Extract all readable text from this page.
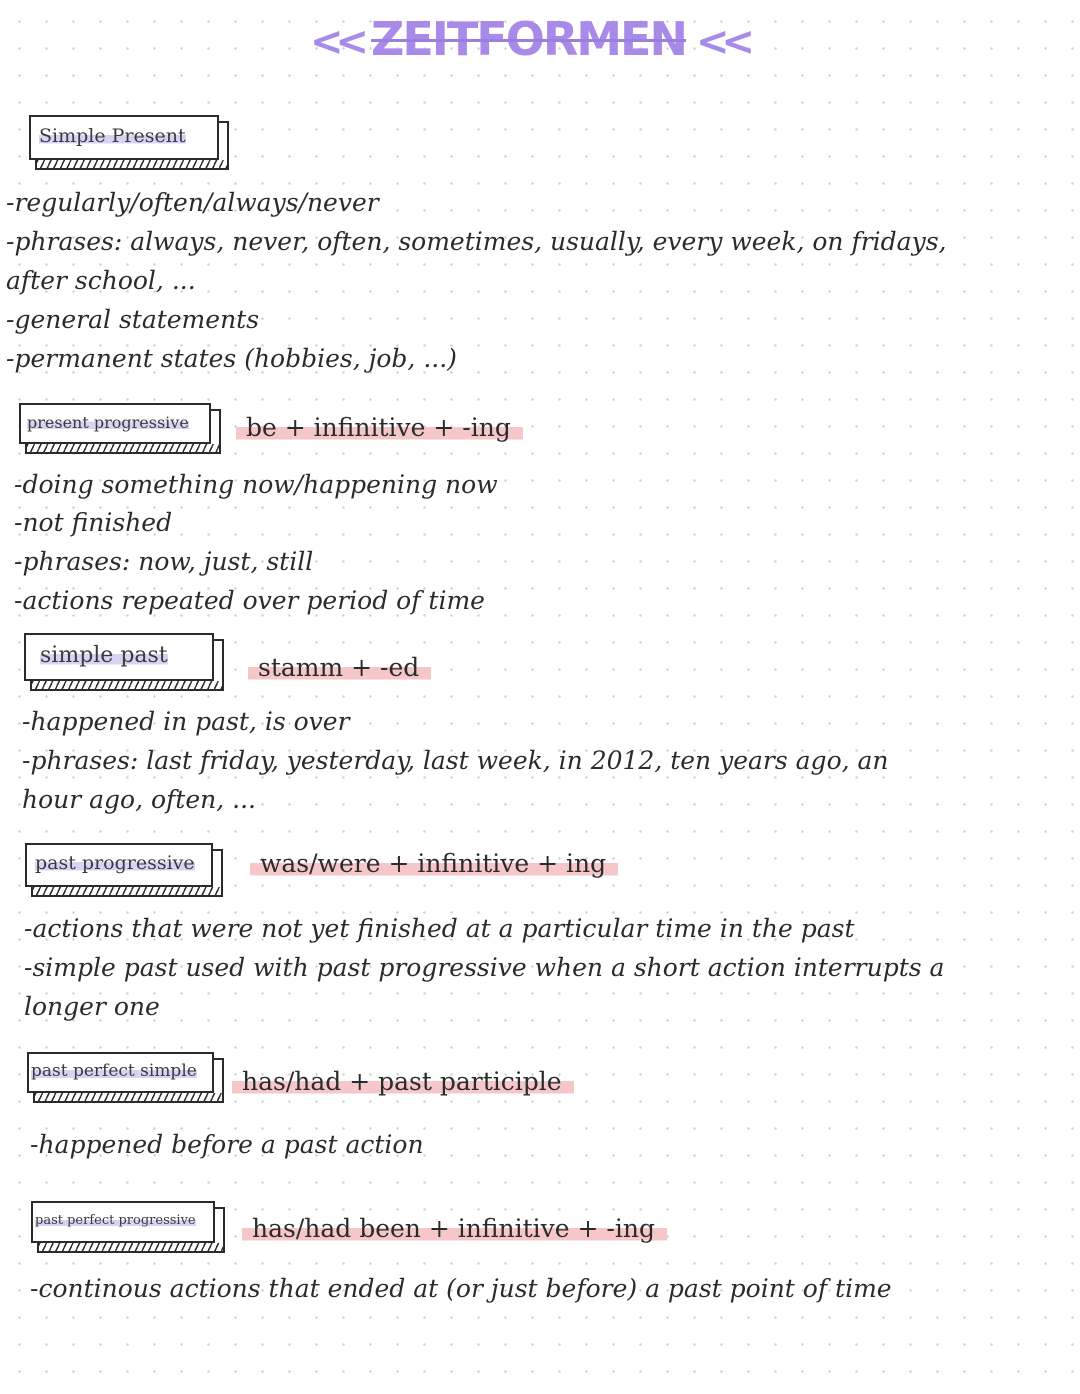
<< ZEITFORMEN <<
Simple Present
-regularly/often/always/never
-phrases: always, never, often, sometimes, usually, every week, on fridays,
after school, ...
-general statements
-permanent states (hobbies, job, ...)
present progressive	be + infinitive + -ing
-doing something now/happening now
-not finished
-phrases: now, just, still
-actions repeated over period of time
simple past	stamm + -ed
-happened in past, is over
-phrases: last friday, yesterday, last week, in 2012, ten years ago, an
hour ago, often, ...
past progressive	was/were + infinitive + ing
-actions that were not yet finished at a particular time in the past
-simple past used with past progressive when a short action interrupts a
longer one
past perfect simple	has/had + past participle
-happened before a past action
past perfect progressive	has/had been + infinitive + -ing
-continous actions that ended at (or just before) a past point of time
